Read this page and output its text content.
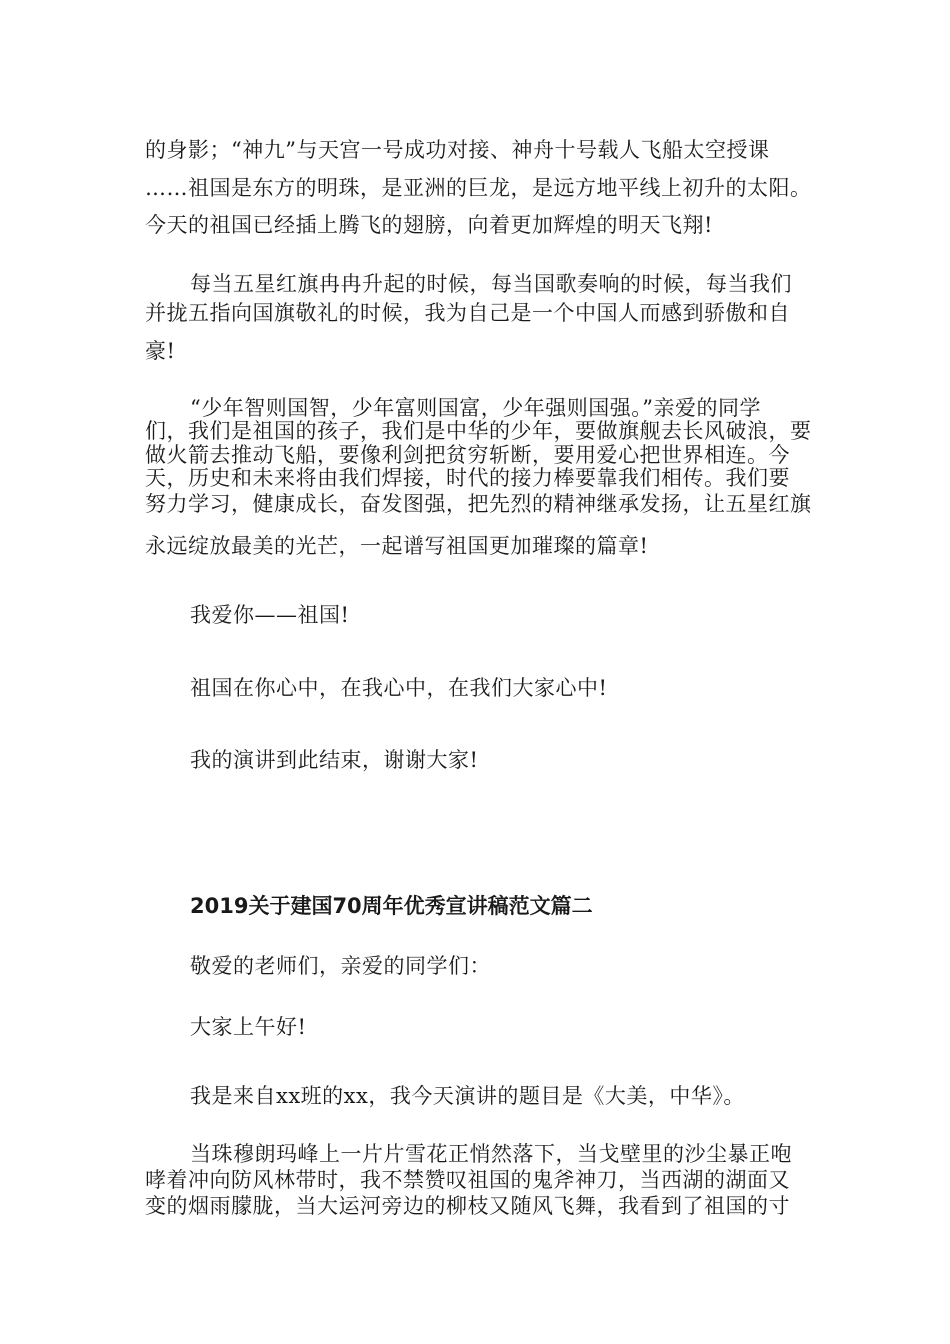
的身影；“神九”与天宫一号成功对接、神舟十号载人飞船太空授课
……祖国是东方的明珠，是亚洲的巨龙，是远方地平线上初升的太阳。
今天的祖国已经插上腾飞的翅膀，向着更加辉煌的明天飞翔!
每当五星红旗冉冉升起的时候，每当国歌奏响的时候，每当我们
并拢五指向国旗敬礼的时候，我为自己是一个中国人而感到骄傲和自
豪!
“少年智则国智，少年富则国富，少年强则国强。”亲爱的同学
们，我们是祖国的孩子，我们是中华的少年，要做旗舰去长风破浪，要
做火箭去推动飞船，要像利剑把贫穷斩断，要用爱心把世界相连。今
天，历史和未来将由我们焊接，时代的接力棒要靠我们相传。我们要
努力学习，健康成长，奋发图强，把先烈的精神继承发扬，让五星红旗
永远绽放最美的光芒，一起谱写祖国更加璀璨的篇章!
我爱你——祖国!
祖国在你心中，在我心中，在我们大家心中!
我的演讲到此结束，谢谢大家!
2019关于建国70周年优秀宣讲稿范文篇二
敬爱的老师们，亲爱的同学们：
大家上午好!
我是来自xx班的xx，我今天演讲的题目是《大美，中华》。
当珠穆朗玛峰上一片片雪花正悄然落下，当戈壁里的沙尘暴正咆
哮着冲向防风林带时，我不禁赞叹祖国的鬼斧神刀，当西湖的湖面又
变的烟雨朦胧，当大运河旁边的柳枝又随风飞舞，我看到了祖国的寸
